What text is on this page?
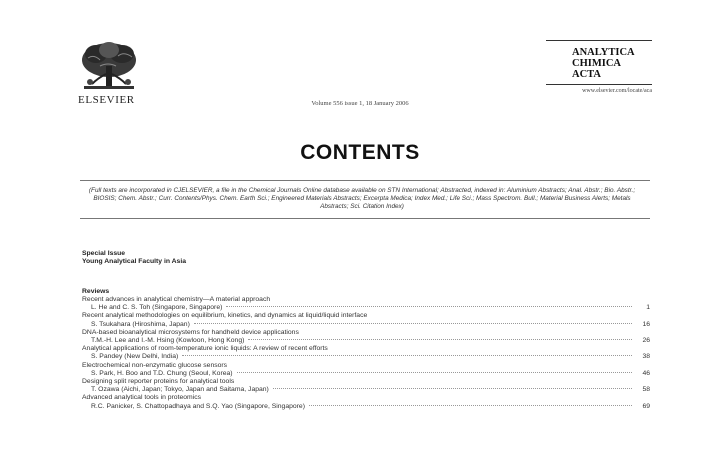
ELSEVIER	Volume 556 issue 1, 18 January 2006
ANALYTICA
CHIMICA
ACTA
www.elsevier.com/locate/aca
CONTENTS
(Full texts are incorporated in CJELSEVIER, a file in the Chemical Journals Online database available on STN International; Abstracted, indexed in: Aluminium Abstracts; Anal. Abstr.; Bio. Abstr.; BIOSIS; Chem. Abstr.; Curr. Contents/Phys. Chem. Earth Sci.; Engineered Materials Abstracts; Excerpta Medica; Index Med.; Life Sci.; Mass Spectrom. Bull.; Material Business Alerts; Metals Abstracts; Sci. Citation Index)
Special Issue
Young Analytical Faculty in Asia
Reviews
Recent advances in analytical chemistry—A material approach
L. He and C. S. Toh (Singapore, Singapore)	1
Recent analytical methodologies on equilibrium, kinetics, and dynamics at liquid/liquid interface
S. Tsukahara (Hiroshima, Japan)	16
DNA-based bioanalytical microsystems for handheld device applications
T.M.-H. Lee and I.-M. Hsing (Kowloon, Hong Kong)	26
Analytical applications of room-temperature ionic liquids: A review of recent efforts
S. Pandey (New Delhi, India)	38
Electrochemical non-enzymatic glucose sensors
S. Park, H. Boo and T.D. Chung (Seoul, Korea)	46
Designing split reporter proteins for analytical tools
T. Ozawa (Aichi, Japan; Tokyo, Japan and Saitama, Japan)	58
Advanced analytical tools in proteomics
R.C. Panicker, S. Chattopadhaya and S.Q. Yao (Singapore, Singapore)	69
